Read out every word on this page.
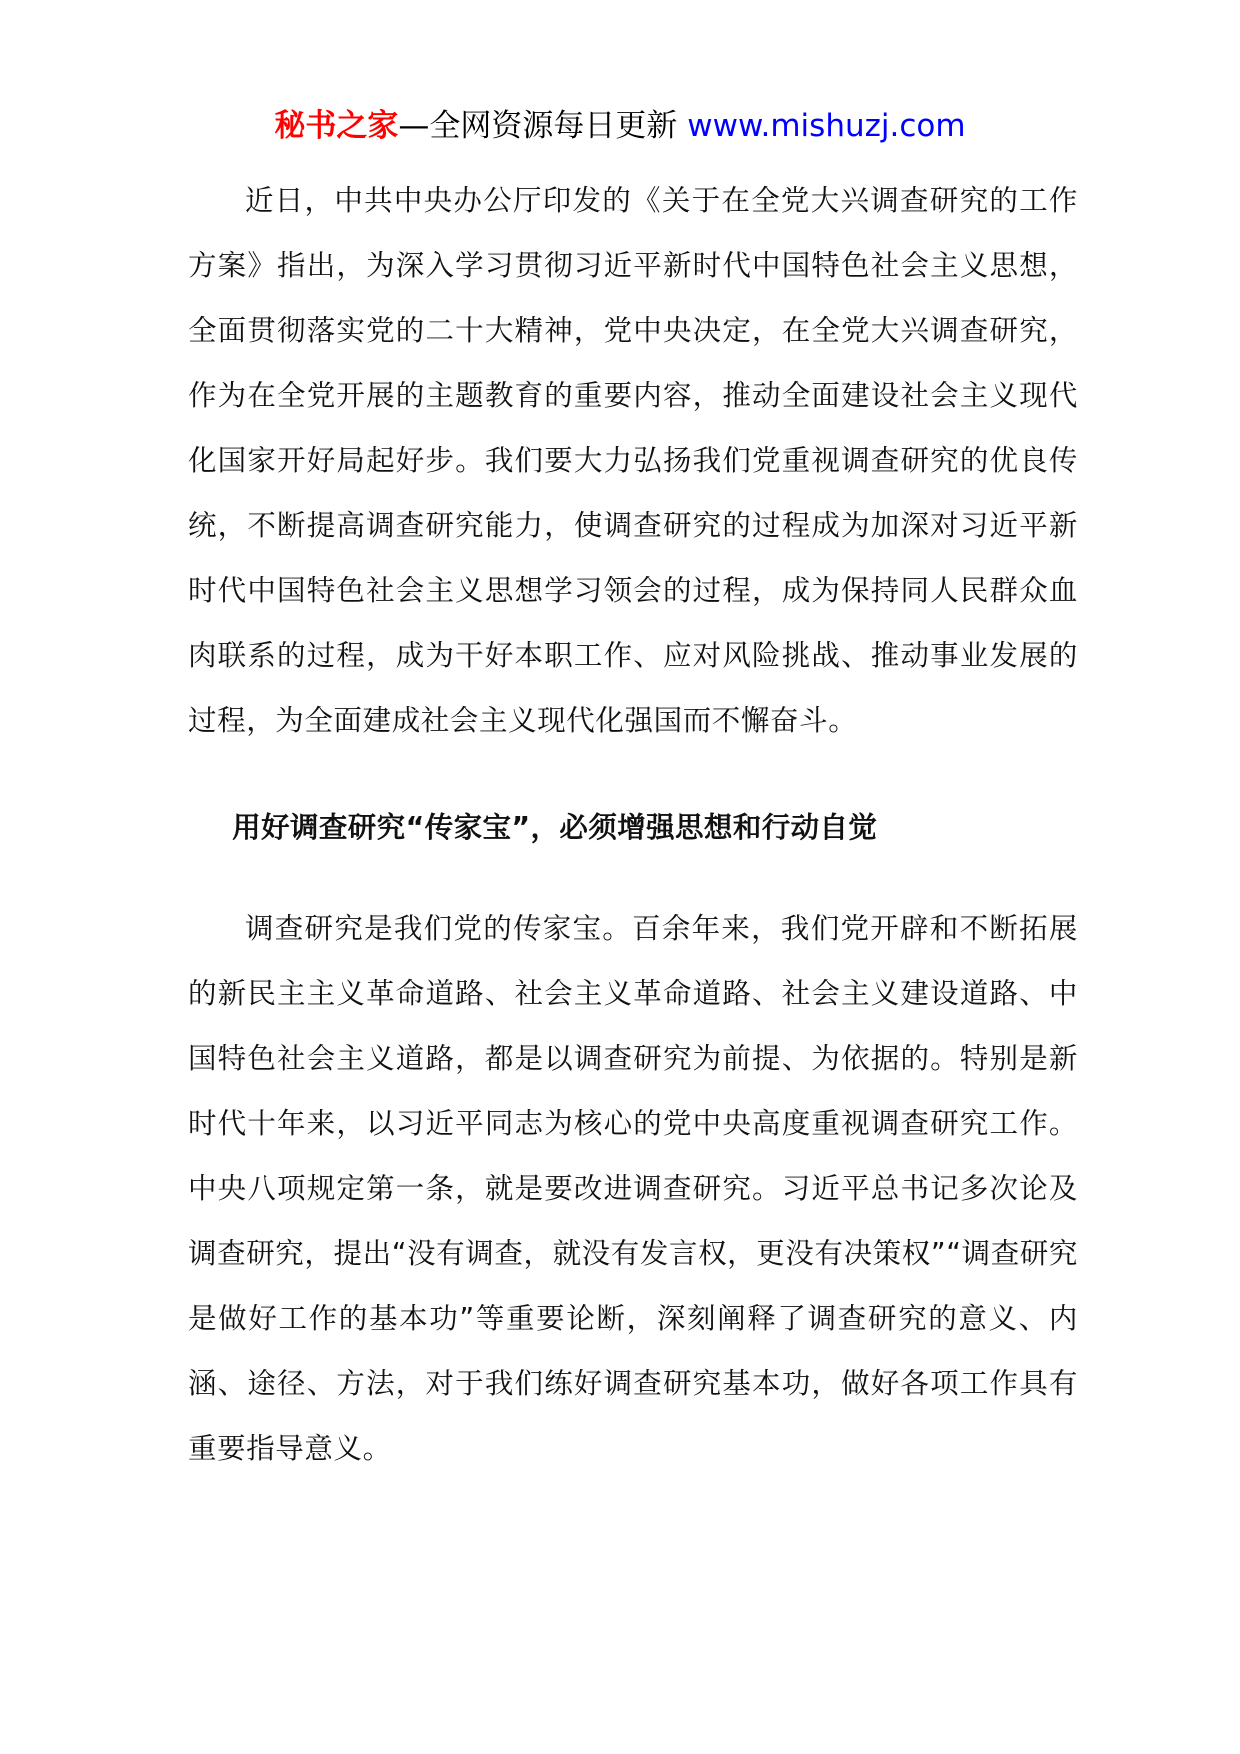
秘书之家—全网资源每日更新 www.mishuzj.com

近日，中共中央办公厅印发的《关于在全党大兴调查研究的工作方案》指出，为深入学习贯彻习近平新时代中国特色社会主义思想，全面贯彻落实党的二十大精神，党中央决定，在全党大兴调查研究，作为在全党开展的主题教育的重要内容，推动全面建设社会主义现代化国家开好局起好步。我们要大力弘扬我们党重视调查研究的优良传统，不断提高调查研究能力，使调查研究的过程成为加深对习近平新时代中国特色社会主义思想学习领会的过程，成为保持同人民群众血肉联系的过程，成为干好本职工作、应对风险挑战、推动事业发展的过程，为全面建成社会主义现代化强国而不懈奋斗。

用好调查研究“传家宝”，必须增强思想和行动自觉

调查研究是我们党的传家宝。百余年来，我们党开辟和不断拓展的新民主主义革命道路、社会主义革命道路、社会主义建设道路、中国特色社会主义道路，都是以调查研究为前提、为依据的。特别是新时代十年来，以习近平同志为核心的党中央高度重视调查研究工作。中央八项规定第一条，就是要改进调查研究。习近平总书记多次论及调查研究，提出“没有调查，就没有发言权，更没有决策权”“调查研究是做好工作的基本功”等重要论断，深刻阐释了调查研究的意义、内涵、途径、方法，对于我们练好调查研究基本功，做好各项工作具有重要指导意义。
